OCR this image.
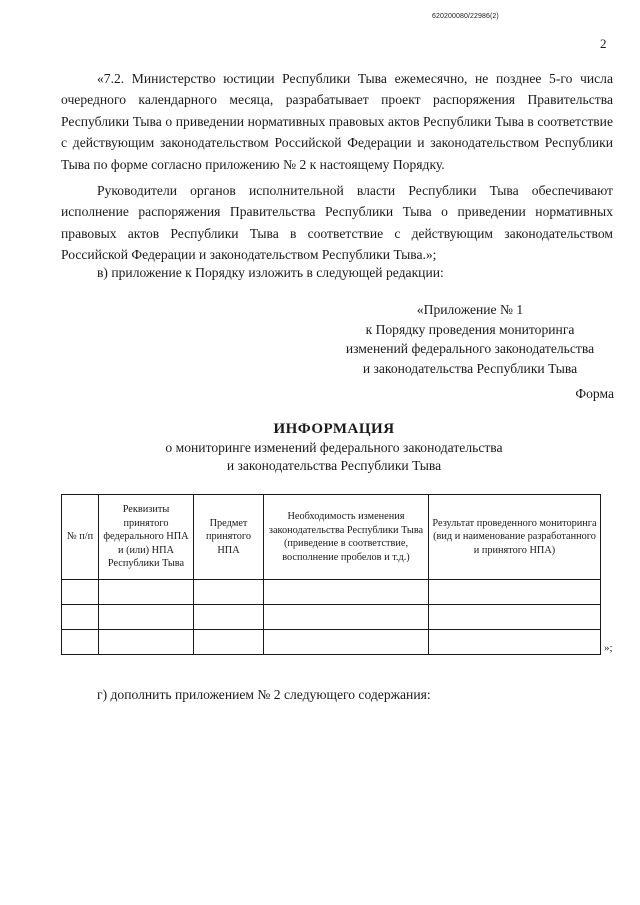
620200080/22986(2)
2

«7.2. Министерство юстиции Республики Тыва ежемесячно, не позднее 5-го числа очередного календарного месяца, разрабатывает проект распоряжения Правительства Республики Тыва о приведении нормативных правовых актов Республики Тыва в соответствие с действующим законодательством Российской Федерации и законодательством Республики Тыва по форме согласно приложению № 2 к настоящему Порядку.

Руководители органов исполнительной власти Республики Тыва обеспечивают исполнение распоряжения Правительства Республики Тыва о приведении нормативных правовых актов Республики Тыва в соответствие с действующим законодательством Российской Федерации и законодательством Республики Тыва.»;

в) приложение к Порядку изложить в следующей редакции:

«Приложение № 1
к Порядку проведения мониторинга
изменений федерального законодательства
и законодательства Республики Тыва
Форма
ИНФОРМАЦИЯ
о мониторинге изменений федерального законодательства
и законодательства Республики Тыва
№ п/п	Реквизиты принятого федерального НПА и (или) НПА Республики Тыва	Предмет принятого НПА	Необходимость изменения законодательства Республики Тыва (приведение в соответствие, восполнение пробелов и т.д.)	Результат проведенного мониторинга (вид и наименование разработанного и принятого НПА)

»;

г) дополнить приложением № 2 следующего содержания:
